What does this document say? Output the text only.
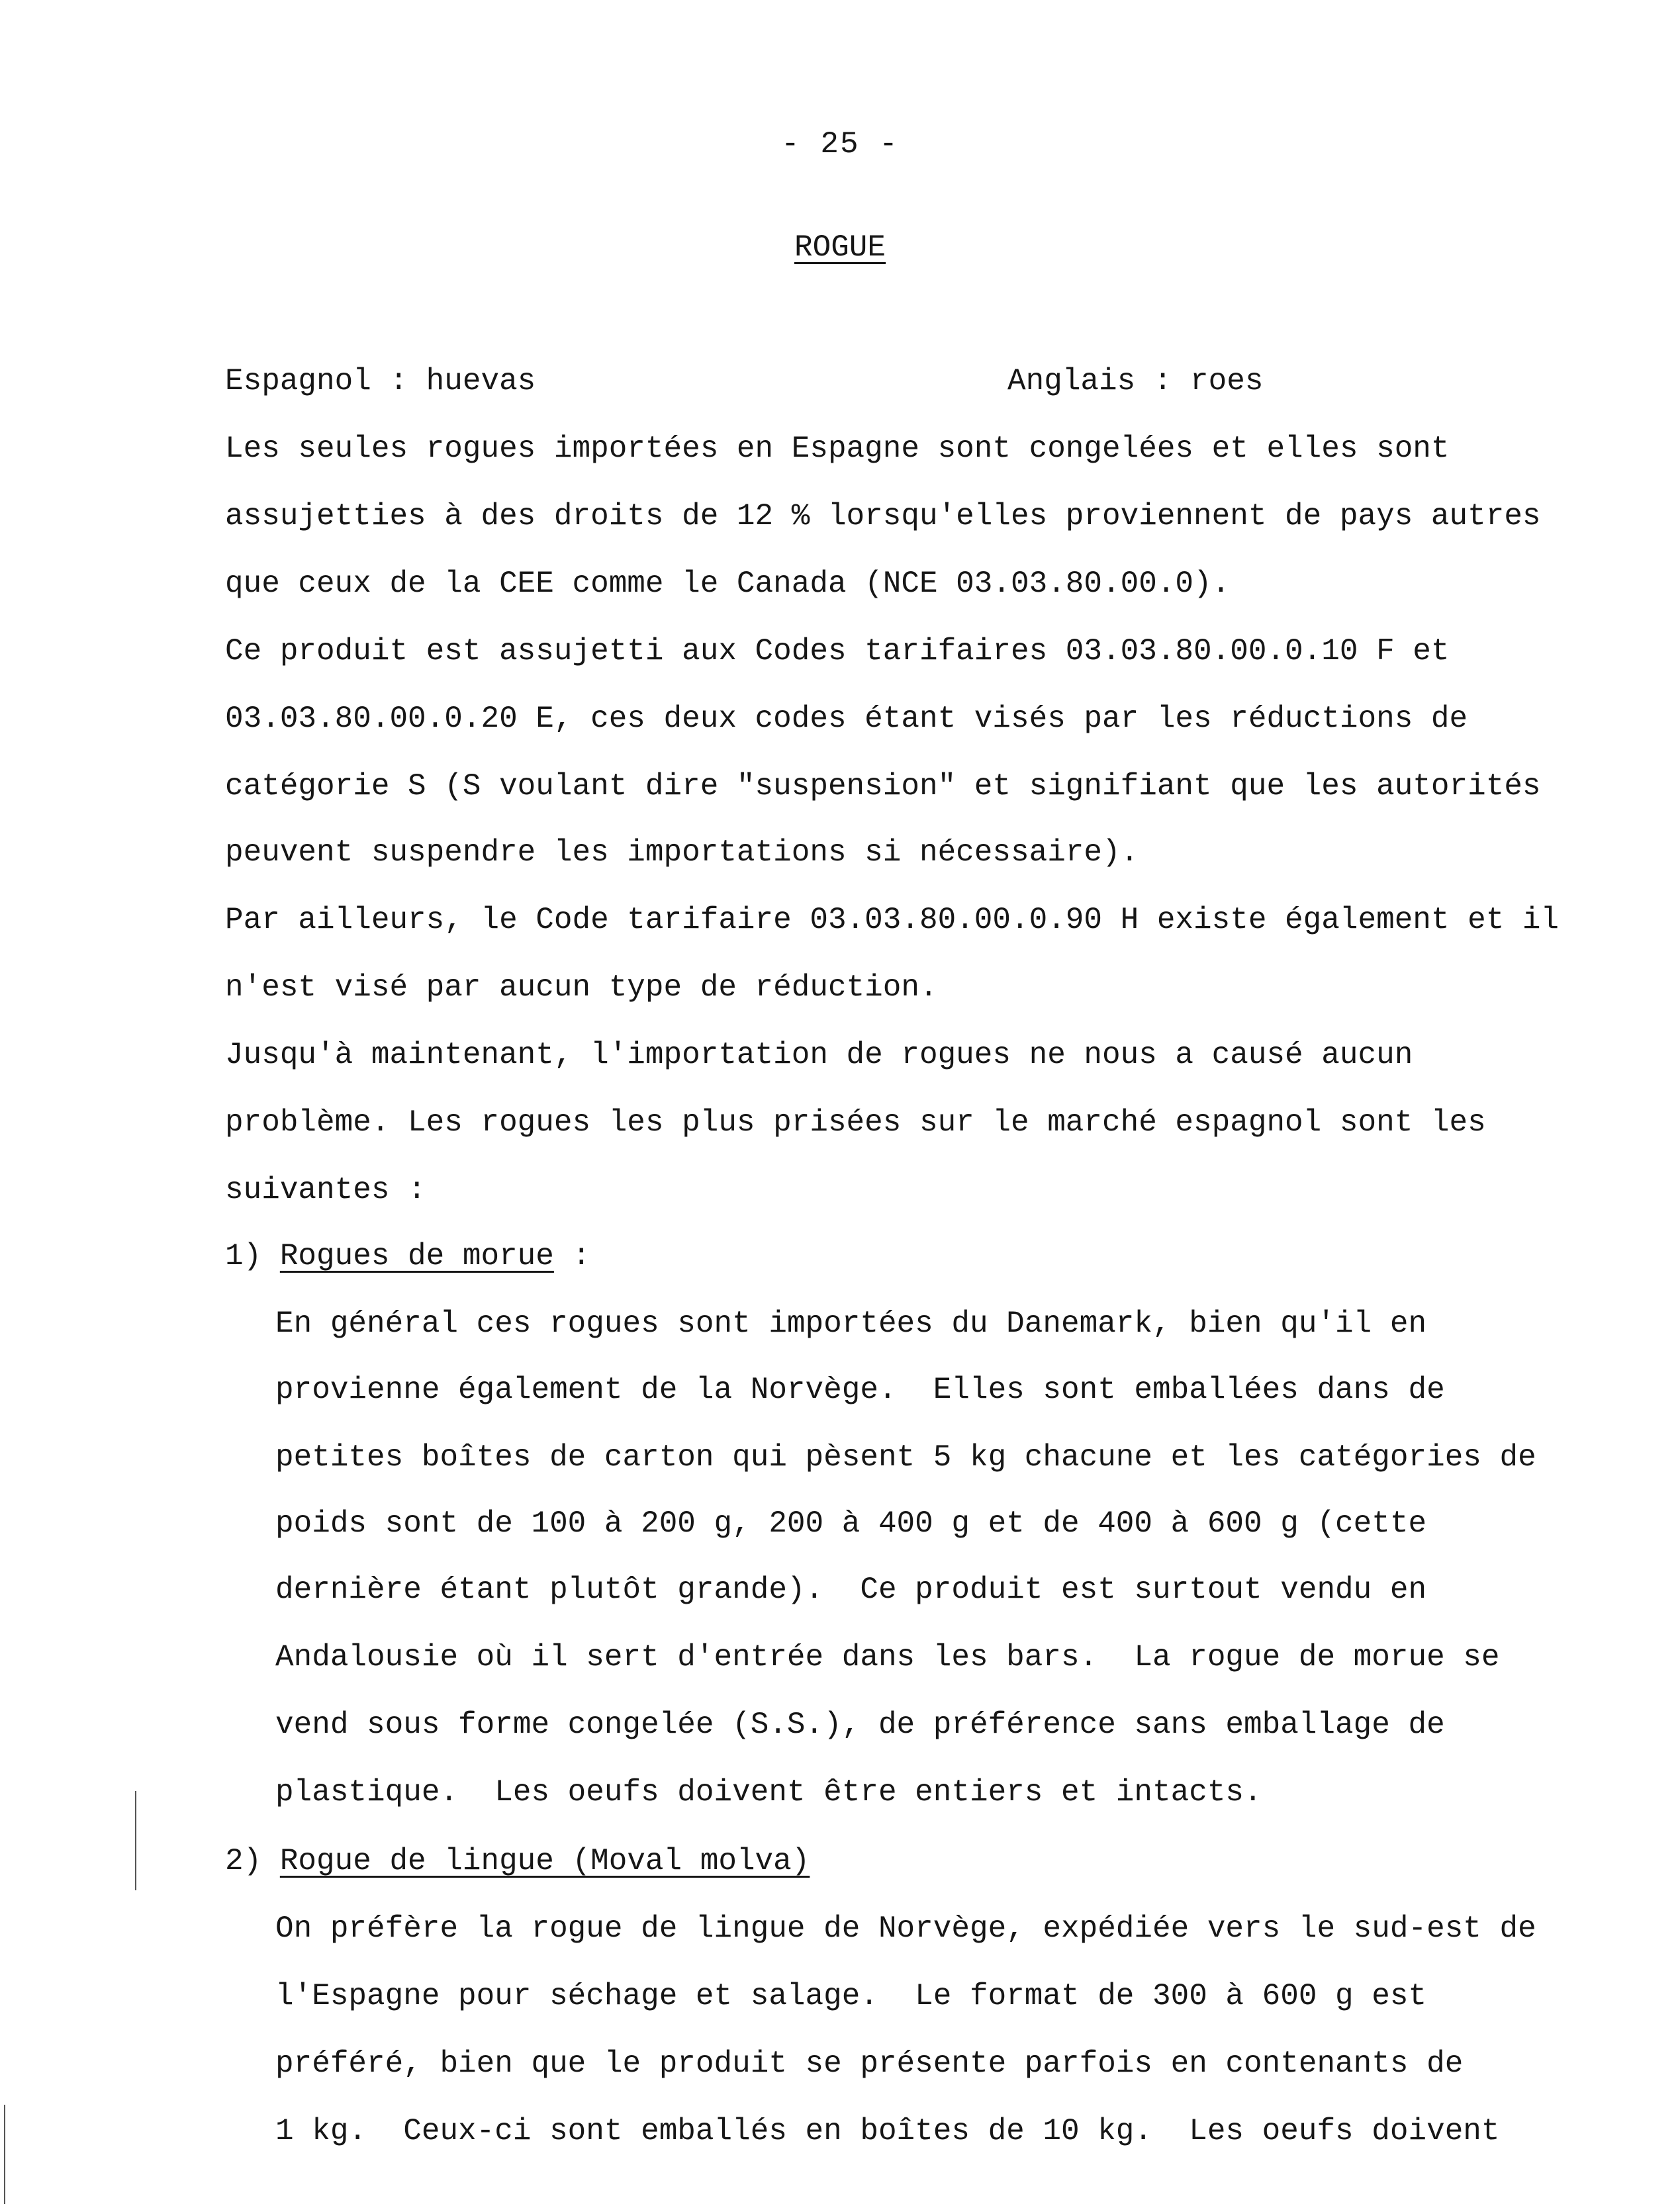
- 25 -
ROGUE
Espagnol : huevas	Anglais : roes
Les seules rogues importées en Espagne sont congelées et elles sont
assujetties à des droits de 12 % lorsqu'elles proviennent de pays autres
que ceux de la CEE comme le Canada (NCE 03.03.80.00.0).
Ce produit est assujetti aux Codes tarifaires 03.03.80.00.0.10 F et
03.03.80.00.0.20 E, ces deux codes étant visés par les réductions de
catégorie S (S voulant dire "suspension" et signifiant que les autorités
peuvent suspendre les importations si nécessaire).
Par ailleurs, le Code tarifaire 03.03.80.00.0.90 H existe également et il
n'est visé par aucun type de réduction.
Jusqu'à maintenant, l'importation de rogues ne nous a causé aucun
problème. Les rogues les plus prisées sur le marché espagnol sont les
suivantes :
1) Rogues de morue :
En général ces rogues sont importées du Danemark, bien qu'il en
provienne également de la Norvège.  Elles sont emballées dans de
petites boîtes de carton qui pèsent 5 kg chacune et les catégories de
poids sont de 100 à 200 g, 200 à 400 g et de 400 à 600 g (cette
dernière étant plutôt grande).  Ce produit est surtout vendu en
Andalousie où il sert d'entrée dans les bars.  La rogue de morue se
vend sous forme congelée (S.S.), de préférence sans emballage de
plastique.  Les oeufs doivent être entiers et intacts.
2) Rogue de lingue (Moval molva)
On préfère la rogue de lingue de Norvège, expédiée vers le sud-est de
l'Espagne pour séchage et salage.  Le format de 300 à 600 g est
préféré, bien que le produit se présente parfois en contenants de
1 kg.  Ceux-ci sont emballés en boîtes de 10 kg.  Les oeufs doivent
